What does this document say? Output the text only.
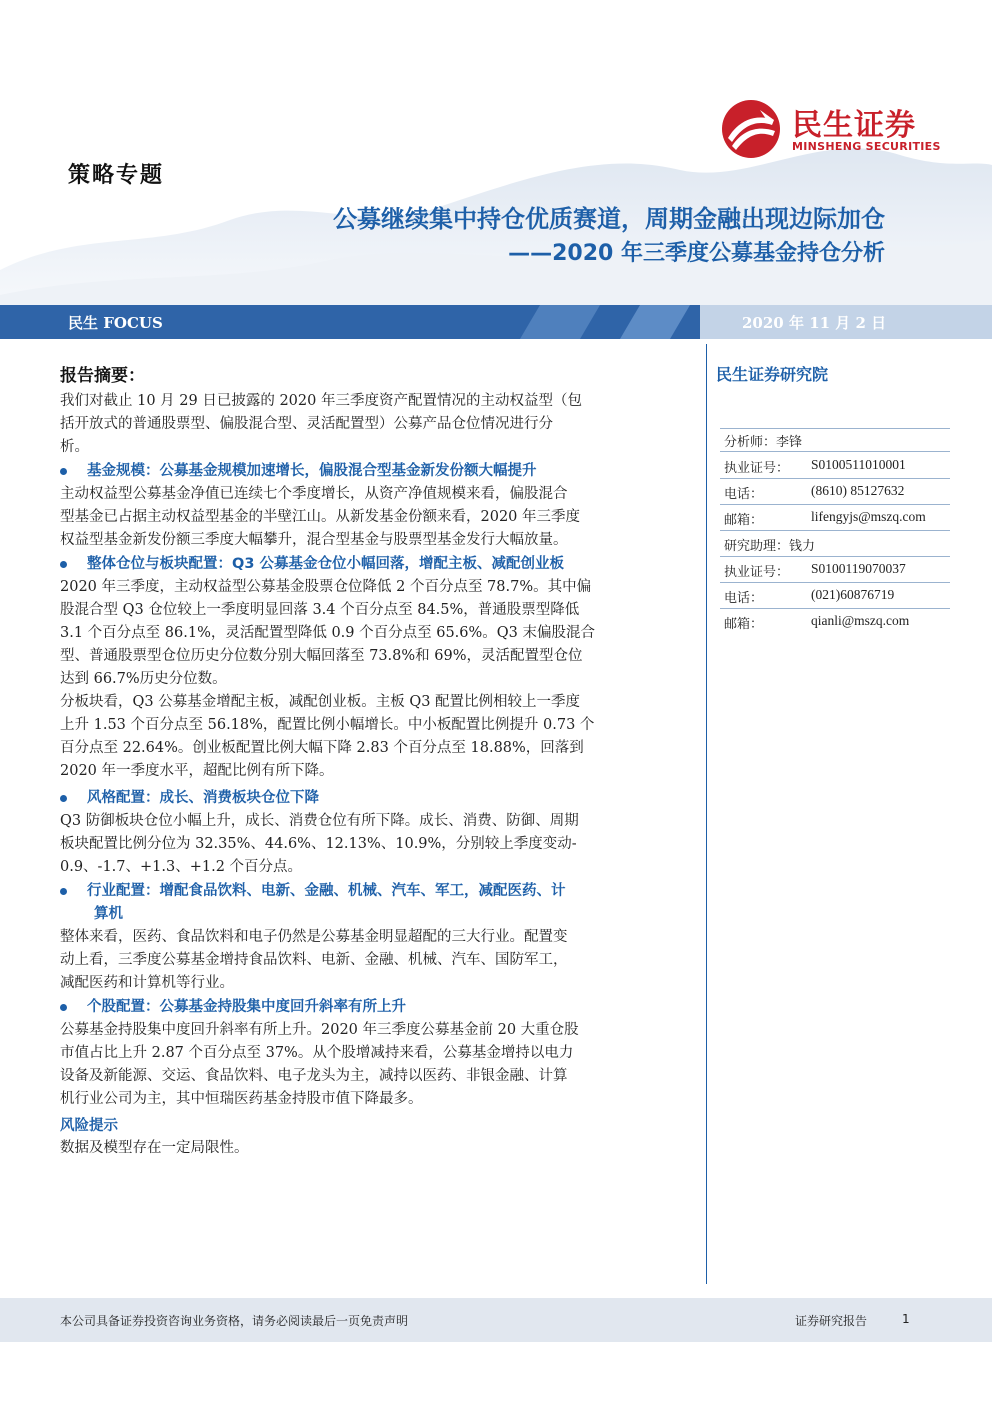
民生证券
MINSHENG SECURITIES
策略专题
公募继续集中持仓优质赛道，周期金融出现边际加仓
——2020 年三季度公募基金持仓分析
民生 FOCUS	2020 年 11 月 2 日
报告摘要：
我们对截止 10 月 29 日已披露的 2020 年三季度资产配置情况的主动权益型（包
括开放式的普通股票型、偏股混合型、灵活配置型）公募产品仓位情况进行分
析。
基金规模：公募基金规模加速增长，偏股混合型基金新发份额大幅提升
主动权益型公募基金净值已连续七个季度增长，从资产净值规模来看，偏股混合
型基金已占据主动权益型基金的半壁江山。从新发基金份额来看，2020 年三季度
权益型基金新发份额三季度大幅攀升，混合型基金与股票型基金发行大幅放量。
整体仓位与板块配置：Q3 公募基金仓位小幅回落，增配主板、减配创业板
2020 年三季度，主动权益型公募基金股票仓位降低 2 个百分点至 78.7%。其中偏
股混合型 Q3 仓位较上一季度明显回落 3.4 个百分点至 84.5%，普通股票型降低
3.1 个百分点至 86.1%，灵活配置型降低 0.9 个百分点至 65.6%。Q3 末偏股混合
型、普通股票型仓位历史分位数分别大幅回落至 73.8%和 69%，灵活配置型仓位
达到 66.7%历史分位数。
分板块看，Q3 公募基金增配主板，减配创业板。主板 Q3 配置比例相较上一季度
上升 1.53 个百分点至 56.18%，配置比例小幅增长。中小板配置比例提升 0.73 个
百分点至 22.64%。创业板配置比例大幅下降 2.83 个百分点至 18.88%，回落到
2020 年一季度水平，超配比例有所下降。
风格配置：成长、消费板块仓位下降
Q3 防御板块仓位小幅上升，成长、消费仓位有所下降。成长、消费、防御、周期
板块配置比例分位为 32.35%、44.6%、12.13%、10.9%，分别较上季度变动-
0.9、-1.7、+1.3、+1.2 个百分点。
行业配置：增配食品饮料、电新、金融、机械、汽车、军工，减配医药、计
算机
整体来看，医药、食品饮料和电子仍然是公募基金明显超配的三大行业。配置变
动上看，三季度公募基金增持食品饮料、电新、金融、机械、汽车、国防军工，
减配医药和计算机等行业。
个股配置：公募基金持股集中度回升斜率有所上升
公募基金持股集中度回升斜率有所上升。2020 年三季度公募基金前 20 大重仓股
市值占比上升 2.87 个百分点至 37%。从个股增减持来看，公募基金增持以电力
设备及新能源、交运、食品饮料、电子龙头为主，减持以医药、非银金融、计算
机行业公司为主，其中恒瑞医药基金持股市值下降最多。
风险提示
数据及模型存在一定局限性。
民生证券研究院
分析师：李锋
执业证号： S0100511010001
电话：	(8610) 85127632
邮箱：	lifengyjs@mszq.com
研究助理：钱力
执业证号： S0100119070037
电话：	(021)60876719
邮箱：	qianli@mszq.com
本公司具备证券投资咨询业务资格，请务必阅读最后一页免责声明	证券研究报告	1
